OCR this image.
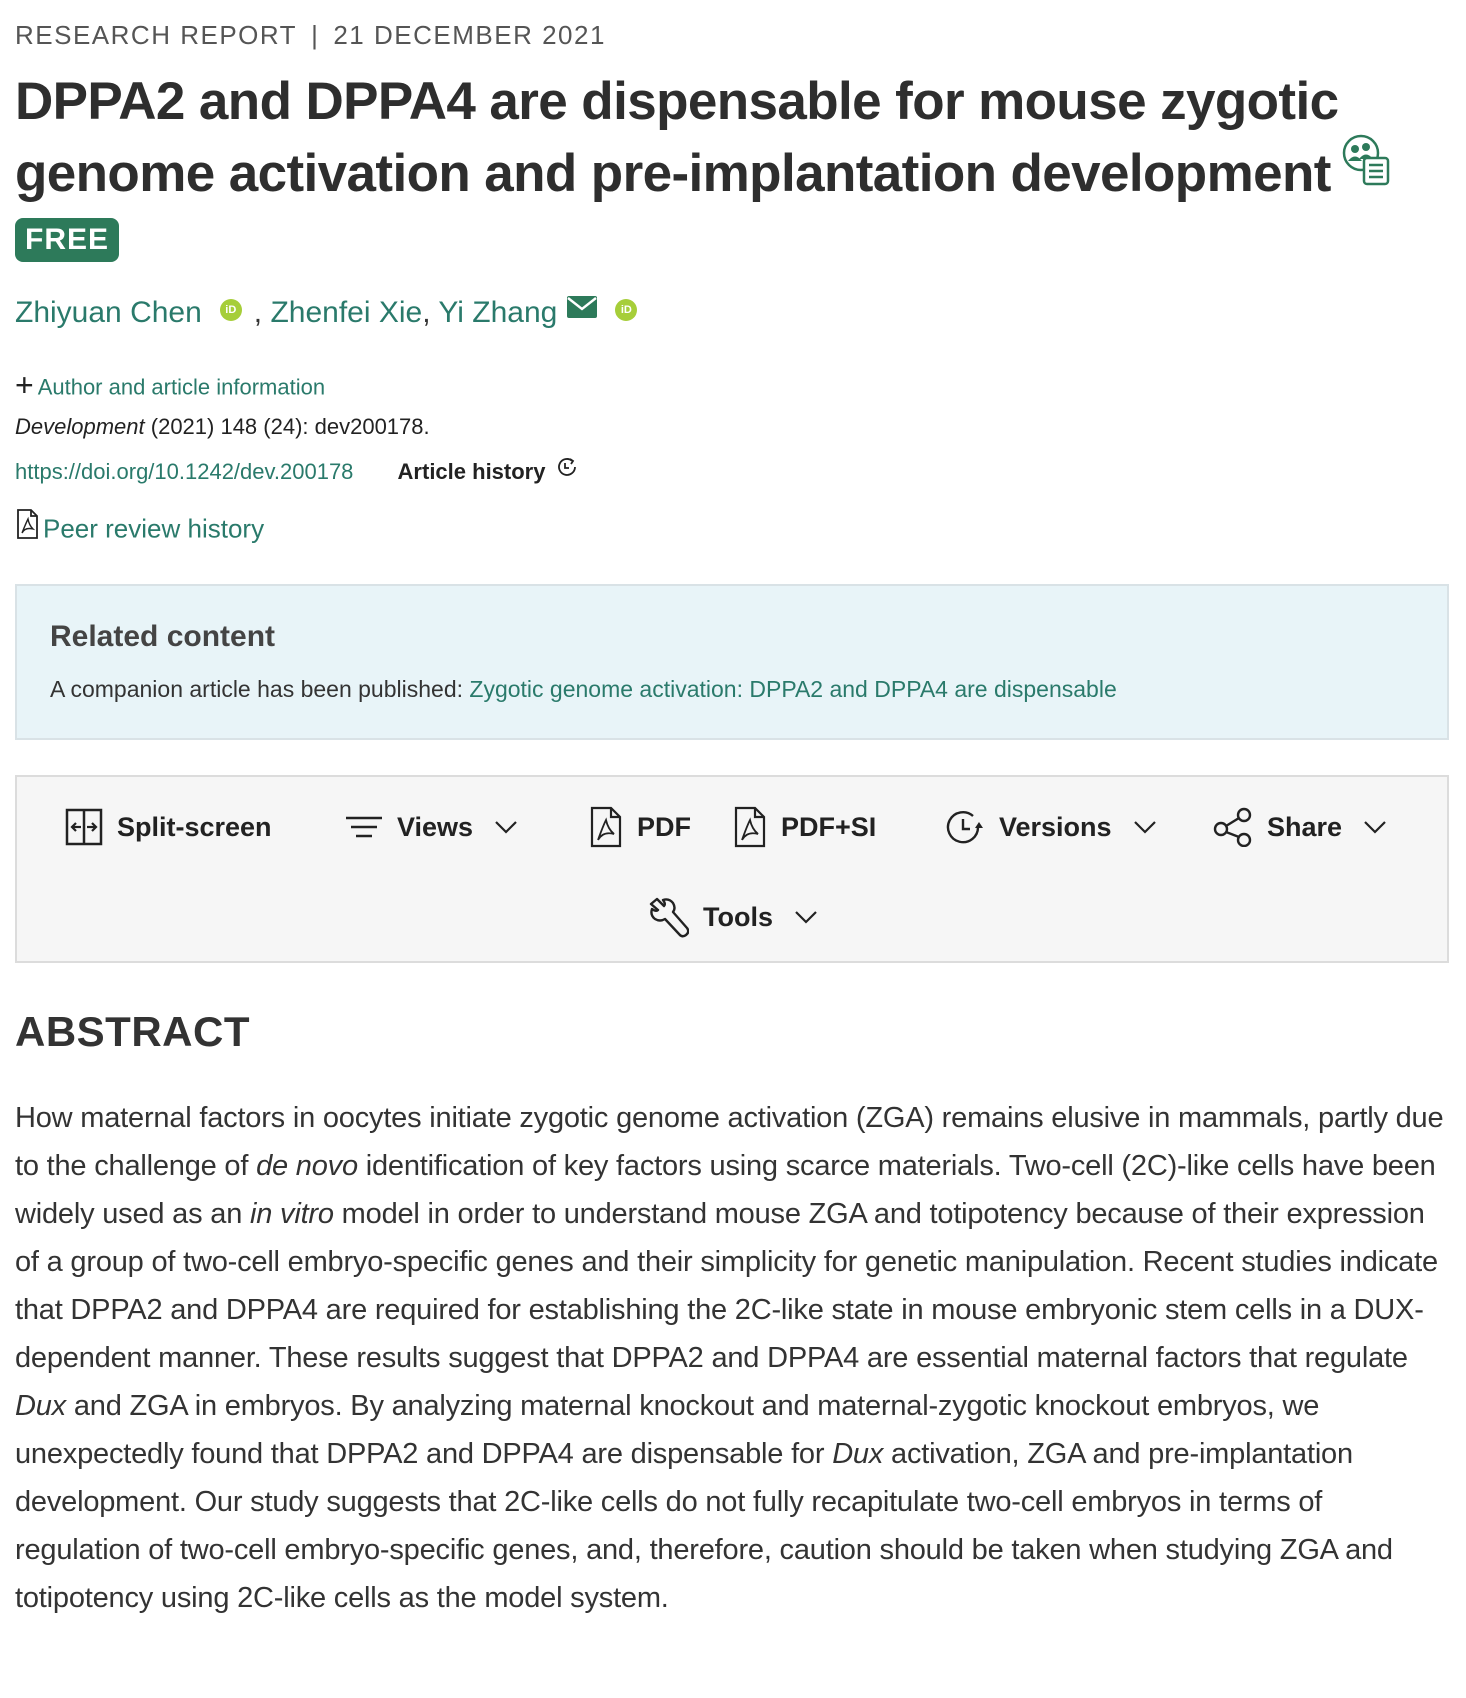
RESEARCH REPORT | 21 DECEMBER 2021
DPPA2 and DPPA4 are dispensable for mouse zygotic genome activation and pre-implantation development
FREE
Zhiyuan Chen iD , Zhenfei Xie, Yi Zhang	iD
+ Author and article information
Development (2021) 148 (24): dev200178.
https://doi.org/10.1242/dev.200178 Article history
Peer review history
Related content

A companion article has been published: Zygotic genome activation: DPPA2 and DPPA4 are dispensable

Split-screen	Views	PDF	PDF+SI	Versions	Share
Tools
ABSTRACT

How maternal factors in oocytes initiate zygotic genome activation (ZGA) remains elusive in mammals, partly due to the challenge of de novo identification of key factors using scarce materials. Two-cell (2C)-like cells have been widely used as an in vitro model in order to understand mouse ZGA and totipotency because of their expression of a group of two-cell embryo-specific genes and their simplicity for genetic manipulation. Recent studies indicate that DPPA2 and DPPA4 are required for establishing the 2C-like state in mouse embryonic stem cells in a DUX-dependent manner. These results suggest that DPPA2 and DPPA4 are essential maternal factors that regulate Dux and ZGA in embryos. By analyzing maternal knockout and maternal-zygotic knockout embryos, we unexpectedly found that DPPA2 and DPPA4 are dispensable for Dux activation, ZGA and pre-implantation development. Our study suggests that 2C-like cells do not fully recapitulate two-cell embryos in terms of regulation of two-cell embryo-specific genes, and, therefore, caution should be taken when studying ZGA and totipotency using 2C-like cells as the model system.
